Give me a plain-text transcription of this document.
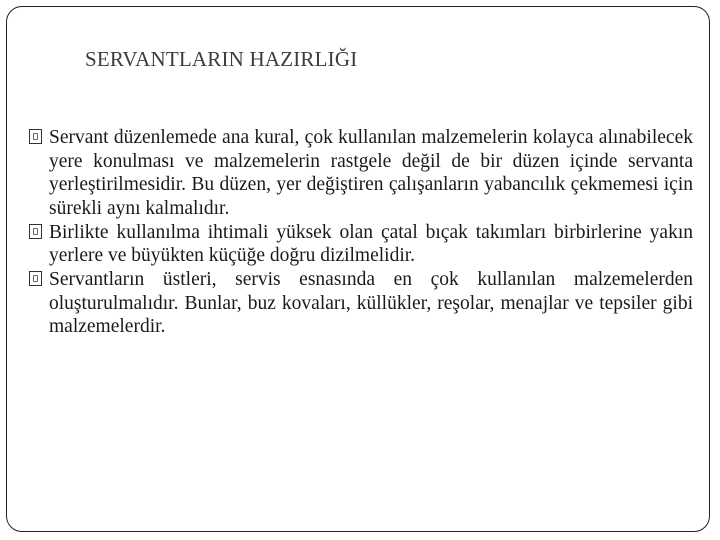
SERVANTLARIN HAZIRLIĞI
Servant düzenlemede ana kural, çok kullanılan malzemelerin kolayca alınabilecek yere konulması ve malzemelerin rastgele değil de bir düzen içinde servanta yerleştirilmesidir. Bu düzen, yer değiştiren çalışanların yabancılık çekmemesi için sürekli aynı kalmalıdır.
Birlikte kullanılma ihtimali yüksek olan çatal bıçak takımları birbirlerine yakın yerlere ve büyükten küçüğe doğru dizilmelidir.
Servantların üstleri, servis esnasında en çok kullanılan malzemelerden oluşturulmalıdır. Bunlar, buz kovaları, küllükler, reşolar, menajlar ve tepsiler gibi malzemelerdir.
